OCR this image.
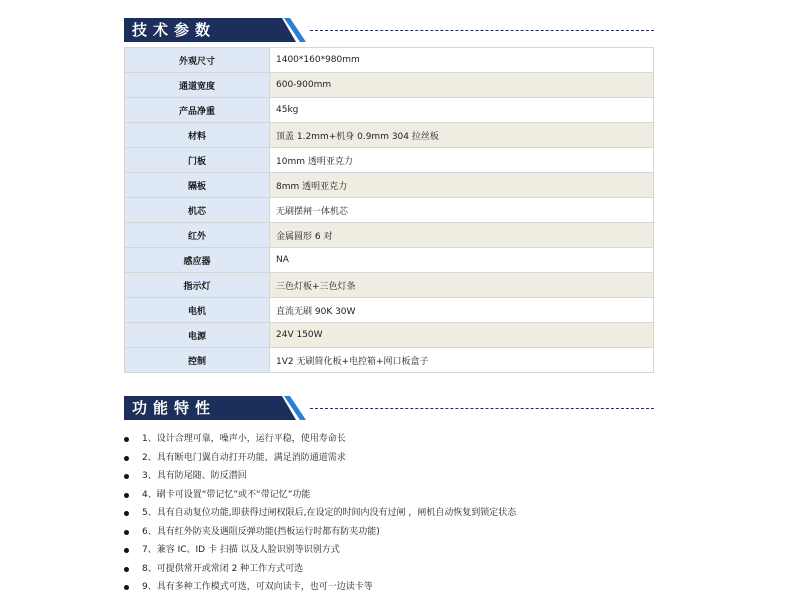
技术参数
外观尺寸	1400*160*980mm
通道宽度	600-900mm
产品净重	45kg
材料	顶盖 1.2mm+机身 0.9mm 304 拉丝板
门板	10mm 透明亚克力
隔板	8mm 透明亚克力
机芯	无刷摆闸一体机芯
红外	金属圆形 6 对
感应器	NA
指示灯	三色灯板+三色灯条
电机	直流无刷 90K 30W
电源	24V 150W
控制	1V2 无刷简化板+电控箱+网口板盒子
功能特性
1、设计合理可靠，噪声小，运行平稳，使用寿命长
2、具有断电门翼自动打开功能，满足消防通道需求
3、具有防尾随、防反潜回
4、刷卡可设置“带记忆”或不“带记忆”功能
5、具有自动复位功能,即获得过闸权限后,在设定的时间内没有过闸 ，闸机自动恢复到锁定状态
6、具有红外防夹及遇阻反弹功能(挡板运行时都有防夹功能)
7、兼容 IC、ID 卡 扫描 以及人脸识别等识别方式
8、可提供常开或常闭 2 种工作方式可选
9、具有多种工作模式可选，可双向读卡，也可一边读卡等
